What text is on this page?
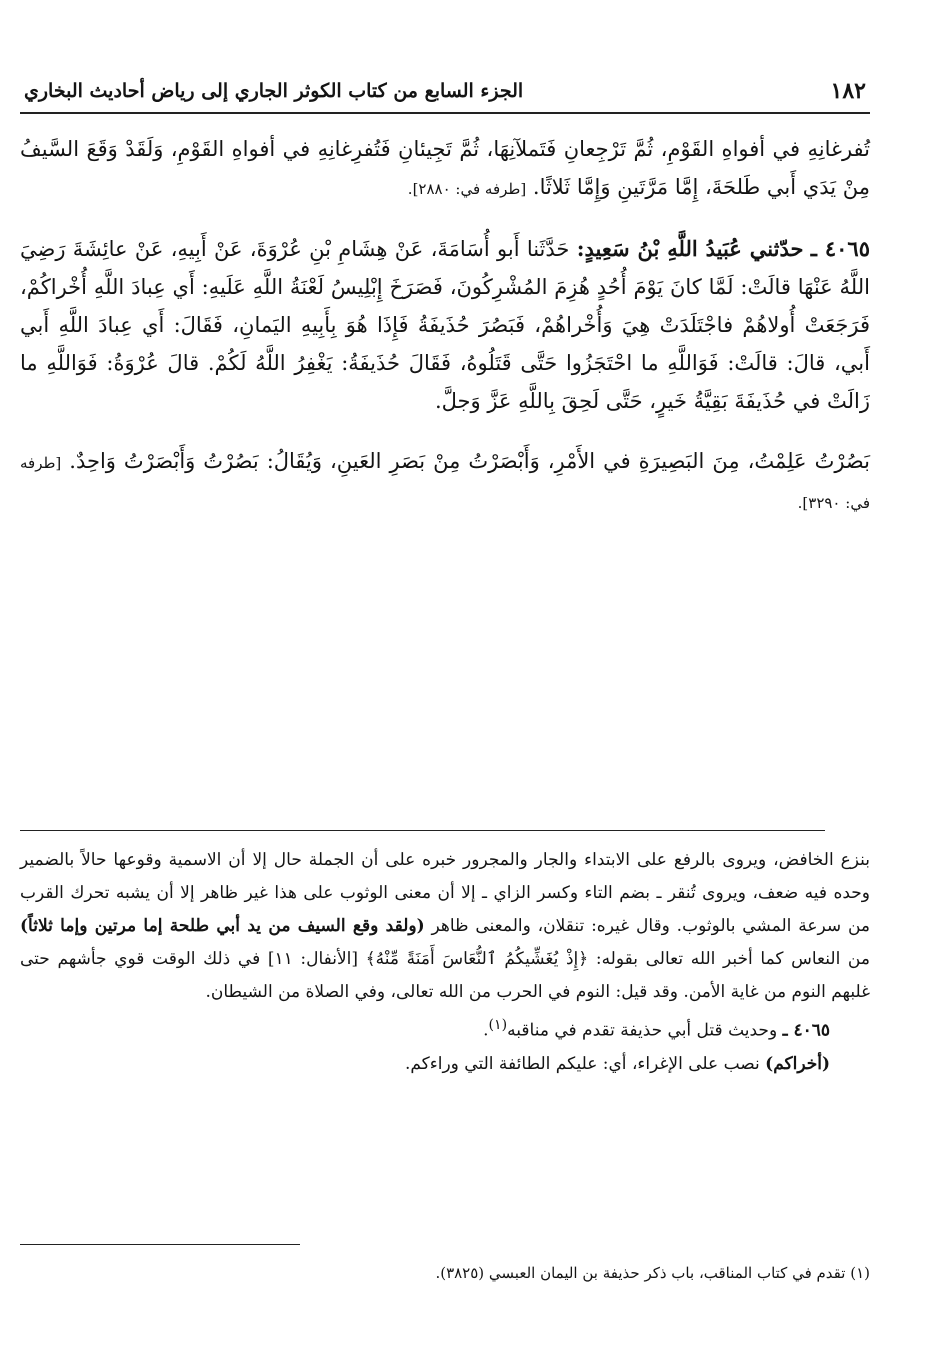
١٨٢
الجزء السابع من كتاب الكوثر الجاري إلى رياض أحاديث البخاري

تُفرغانِهِ في أفواهِ القَوْمِ، ثُمَّ تَرْجِعانِ فَتَملآنِهَا، ثُمَّ تَجِيئانِ فَتُفرِغانِهِ في أفواهِ القَوْمِ، وَلَقَدْ وَقَعَ السَّيفُ مِنْ يَدَي أَبي طَلحَةَ، إِمَّا مَرَّتَينِ وَإِمَّا ثَلاثًا. [طرفه في: ٢٨٨٠].

٤٠٦٥ ـ حدّثني عُبَيدُ اللَّهِ بْنُ سَعِيدٍ: حَدَّثَنا أَبو أُسَامَةَ، عَنْ هِشَامِ بْنِ عُرْوَةَ، عَنْ أَبِيهِ، عَنْ عائِشَةَ رَضِيَ اللَّهُ عَنْهَا قالَتْ: لَمَّا كانَ يَوْمَ أُحُدٍ هُزِمَ المُشْرِكُونَ، فَصَرَخَ إِبْلِيسُ لَعْنَةُ اللَّهِ عَلَيهِ: أَي عِبادَ اللَّهِ أُخْراكُمْ، فَرَجَعَتْ أُولاهُمْ فاجْتَلَدَتْ هِيَ وَأُخْراهُمْ، فَبَصُرَ حُذَيفَةُ فَإِذَا هُوَ بِأَبِيهِ اليَمانِ، فَقَالَ: أَي عِبادَ اللَّهِ أَبي أَبي، قالَ: قالَتْ: فَوَاللَّهِ ما احْتَجَزُوا حَتَّى قَتَلُوهُ، فَقَالَ حُذَيفَةُ: يَغْفِرُ اللَّهُ لَكُمْ. قالَ عُرْوَةُ: فَوَاللَّهِ ما زَالَتْ في حُذَيفَةَ بَقِيَّةُ خَيرٍ، حَتَّى لَحِقَ بِاللَّهِ عَزَّ وَجلَّ.

بَصُرْتُ عَلِمْتُ، مِنَ البَصِيرَةِ في الأَمْرِ، وَأَبْصَرْتُ مِنْ بَصَرِ العَينِ، وَيُقَالُ: بَصُرْتُ وَأَبْصَرْتُ وَاحِدٌ. [طرفه في: ٣٢٩٠].

بنزع الخافض، ويروى بالرفع على الابتداء والجار والمجرور خبره على أن الجملة حال إلا أن الاسمية وقوعها حالاً بالضمير وحده فيه ضعف، ويروى تُنقر ـ بضم التاء وكسر الزاي ـ إلا أن معنى الوثوب على هذا غير ظاهر إلا أن يشبه تحرك القرب من سرعة المشي بالوثوب. وقال غيره: تنقلان، والمعنى ظاهر (ولقد وقع السيف من يد أبي طلحة إما مرتين وإما ثلاثاً) من النعاس كما أخبر الله تعالى بقوله: ﴿إِذْ يُغَشِّيكُمُ ٱلنُّعَاسَ أَمَنَةً مِّنْهُ﴾ [الأنفال: ١١] في ذلك الوقت قوي جأشهم حتى غلبهم النوم من غاية الأمن. وقد قيل: النوم في الحرب من الله تعالى، وفي الصلاة من الشيطان.

٤٠٦٥ ـ وحديث قتل أبي حذيفة تقدم في مناقبه$^{(١)}$.

(أخراكم) نصب على الإغراء، أي: عليكم الطائفة التي وراءكم.

(١) تقدم في كتاب المناقب، باب ذكر حذيفة بن اليمان العبسي (٣٨٢٥).
